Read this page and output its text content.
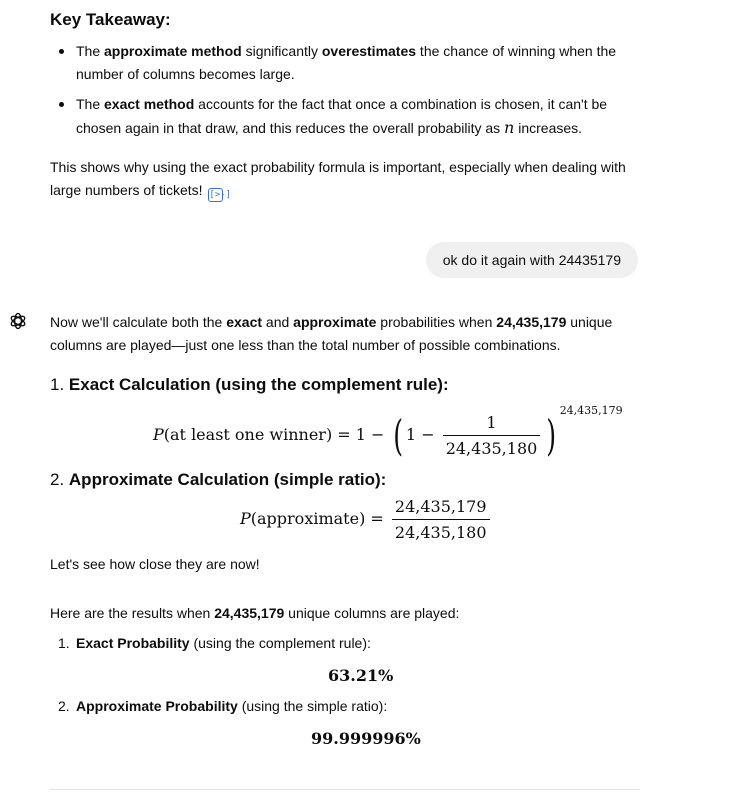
Key Takeaway:

The approximate method significantly overestimates the chance of winning when the number of columns becomes large.
The exact method accounts for the fact that once a combination is chosen, it can't be chosen again in that draw, and this reduces the overall probability as n increases.

This shows why using the exact probability formula is important, especially when dealing with large numbers of tickets! [>-]

ok do it again with 24435179

Now we'll calculate both the exact and approximate probabilities when 24,435,179 unique columns are played—just one less than the total number of possible combinations.

1. Exact Calculation (using the complement rule):

P(at least one winner) = 1 − ( $1 - \frac{1}{24,435,180}$ ) $^{24,435,179}$

2. Approximate Calculation (simple ratio):

P(approximate) = $\frac{24,435,179}{24,435,180}$

Let's see how close they are now!

Here are the results when 24,435,179 unique columns are played:

1. Exact Probability (using the complement rule):
63.21%
2. Approximate Probability (using the simple ratio):
99.999996%
